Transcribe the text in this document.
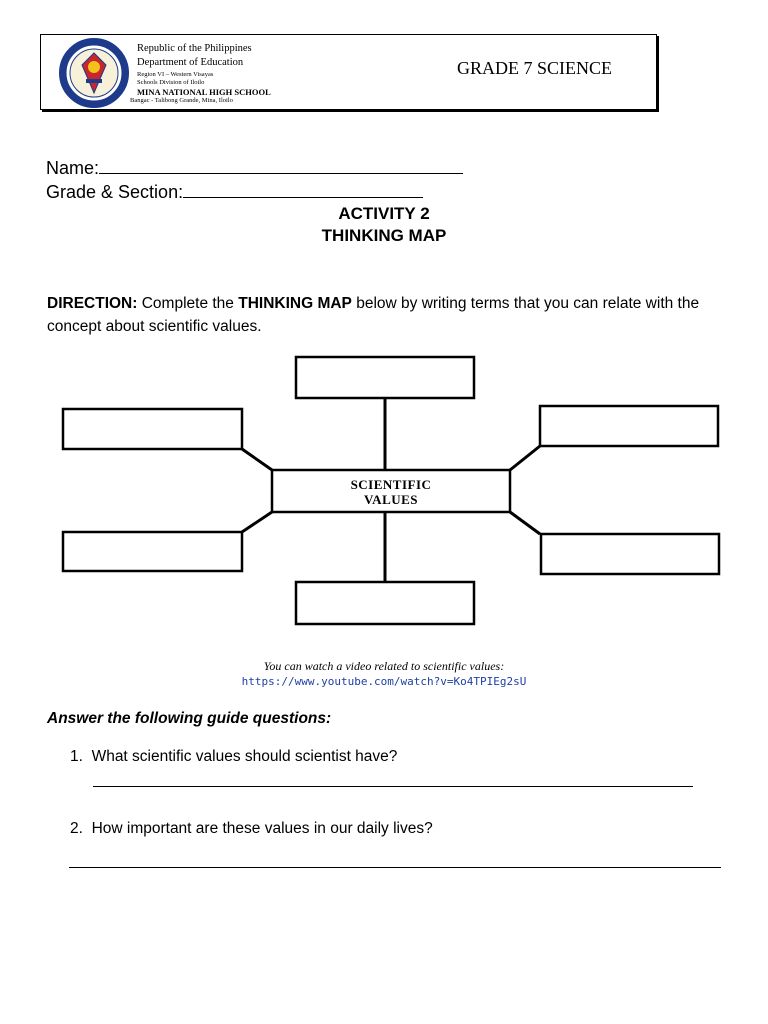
Republic of the Philippines
Department of Education
Region VI – Western Visayas
Schools Division of Iloilo
MINA NATIONAL HIGH SCHOOL
Bangac - Talibong Grande, Mina, Iloilo
GRADE 7 SCIENCE
Name:
Grade & Section:
ACTIVITY 2
THINKING MAP
DIRECTION: Complete the THINKING MAP below by writing terms that you can relate with the concept about scientific values.
SCIENTIFIC
VALUES
You can watch a video related to scientific values:
https://www.youtube.com/watch?v=Ko4TPIEg2sU
Answer the following guide questions:
1. What scientific values should scientist have?
2. How important are these values in our daily lives?
